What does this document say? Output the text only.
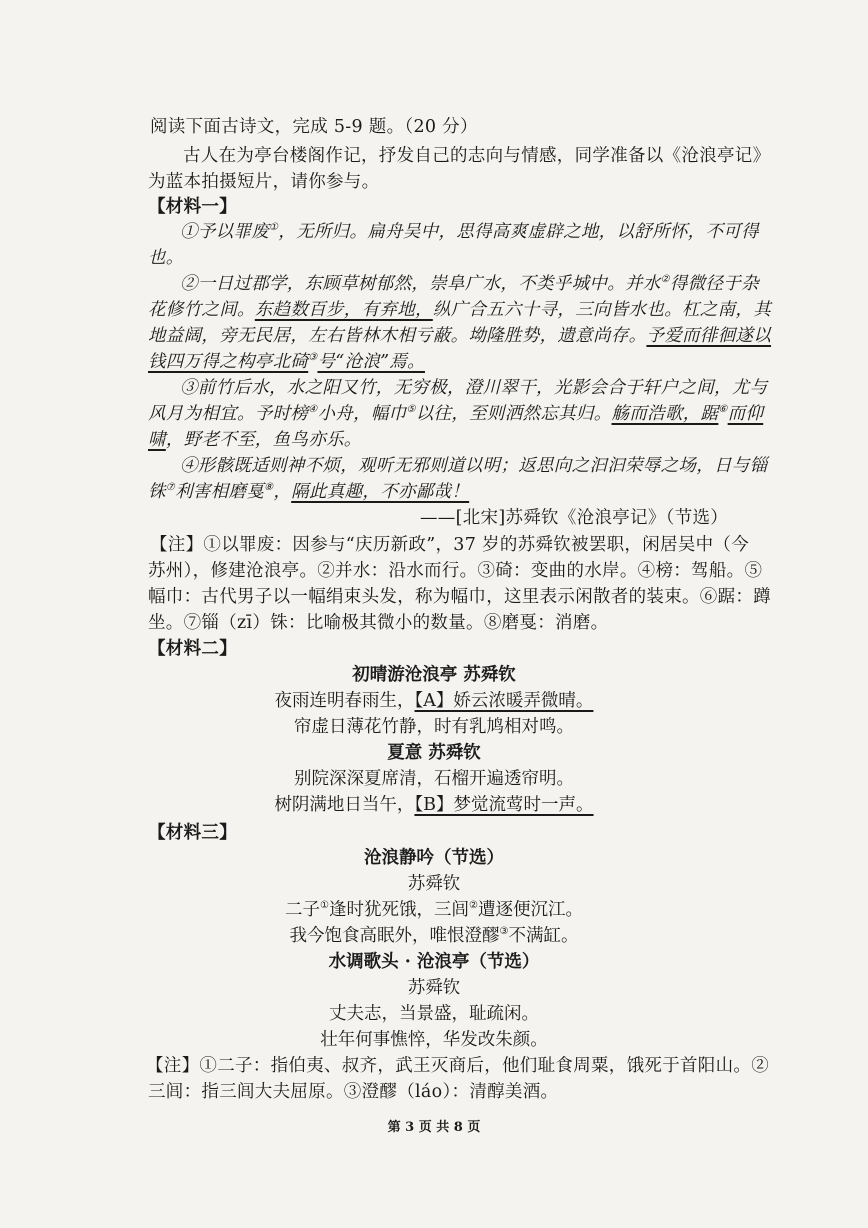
阅读下面古诗文，完成 5-9 题。（20 分）
古人在为亭台楼阁作记，抒发自己的志向与情感，同学准备以《沧浪亭记》
为蓝本拍摄短片，请你参与。
【材料一】
①予以罪废①，无所归。扁舟吴中，思得高爽虚辟之地，以舒所怀，不可得
也。
②一日过郡学，东顾草树郁然，崇阜广水，不类乎城中。并水②得微径于杂
花修竹之间。东趋数百步，有弃地，纵广合五六十寻，三向皆水也。杠之南，其
地益阔，旁无民居，左右皆林木相亏蔽。坳隆胜势，遗意尚存。予爱而徘徊遂以
钱四万得之构亭北碕③号“沧浪”焉。
③前竹后水，水之阳又竹，无穷极，澄川翠干，光影会合于轩户之间，尤与
风月为相宜。予时榜④小舟，幅巾⑤以往，至则洒然忘其归。觞而浩歌，踞⑥而仰
啸，野老不至，鱼鸟亦乐。
④形骸既适则神不烦，观听无邪则道以明；返思向之汩汩荣辱之场，日与锱
铢⑦利害相磨戛⑧，隔此真趣，不亦鄙哉！
——[北宋]苏舜钦《沧浪亭记》（节选）
【注】①以罪废：因参与“庆历新政”，37 岁的苏舜钦被罢职，闲居吴中（今
苏州），修建沧浪亭。②并水：沿水而行。③碕：变曲的水岸。④榜：驾船。⑤
幅巾：古代男子以一幅绢束头发，称为幅巾，这里表示闲散者的装束。⑥踞：蹲
坐。⑦锱（zī）铢：比喻极其微小的数量。⑧磨戛：消磨。
【材料二】
初晴游沧浪亭 苏舜钦
夜雨连明春雨生，【A】娇云浓暖弄微晴。
帘虚日薄花竹静，时有乳鸠相对鸣。
夏意 苏舜钦
别院深深夏席清，石榴开遍透帘明。
树阴满地日当午，【B】梦觉流莺时一声。
【材料三】
沧浪静吟（节选）
苏舜钦
二子①逢时犹死饿，三闾②遭逐便沉江。
我今饱食高眠外，唯恨澄醪③不满缸。
水调歌头 · 沧浪亭（节选）
苏舜钦
丈夫志，当景盛，耻疏闲。
壮年何事憔悴，华发改朱颜。
【注】①二子：指伯夷、叔齐，武王灭商后，他们耻食周粟，饿死于首阳山。②
三闾：指三闾大夫屈原。③澄醪（láo）：清醇美酒。
第 3 页 共 8 页
